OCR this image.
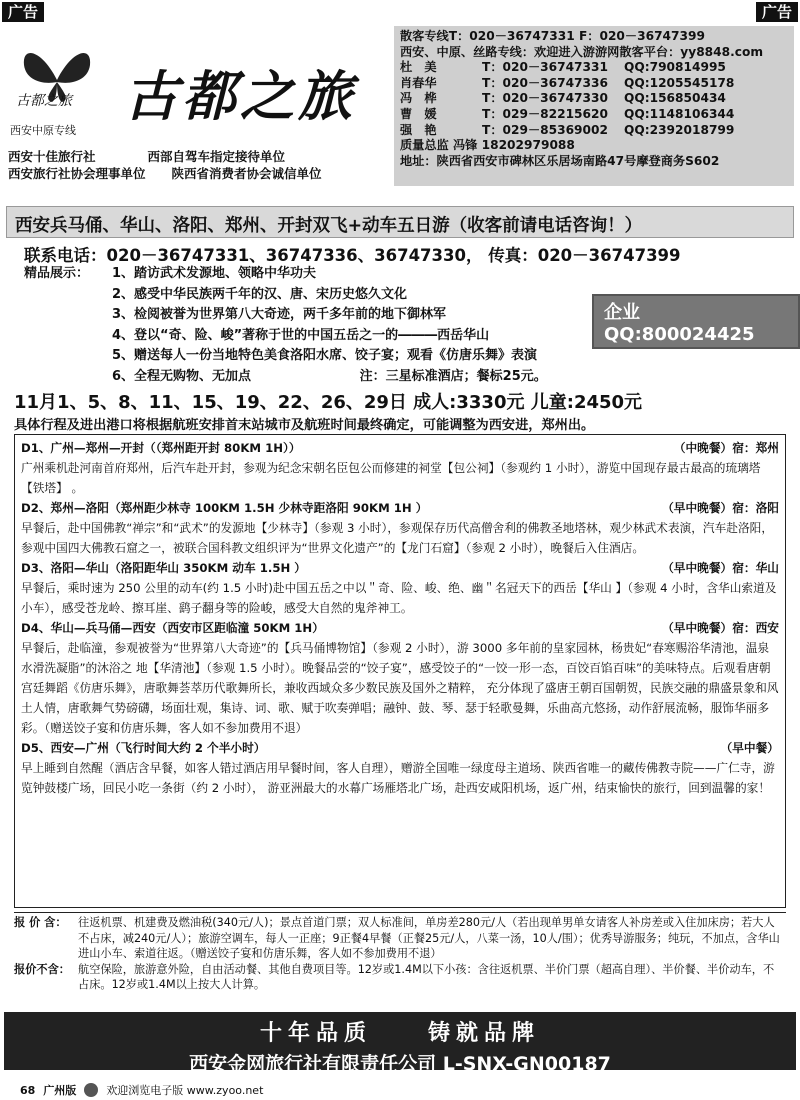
广告	广告
古都之旅 古都之旅
西安中原专线
西安十佳旅行社	西部自驾车指定接待单位
西安旅行社协会理事单位 陕西省消费者协会诚信单位
散客专线T：020－36747331 F：020－36747399
西安、中原、丝路专线：欢迎进入游游网散客平台：yy8848.com
杜　美	T：020－36747331	QQ:790814995
肖春华	T：020－36747336	QQ:1205545178
冯　桦	T：020－36747330	QQ:156850434
曹　媛	T：029－82215620	QQ:1148106344
强　艳	T：029－85369002	QQ:2392018799
质量总监 冯锋 18202979088
地址：陕西省西安市碑林区乐居场南路47号摩登商务S602
西安兵马俑、华山、洛阳、郑州、开封双飞+动车五日游（收客前请电话咨询！）
联系电话：020－36747331、36747336、36747330， 传真：020－36747399
精品展示：	1、踏访武术发源地、领略中华功夫
2、感受中华民族两千年的汉、唐、宋历史悠久文化
3、检阅被誉为世界第八大奇迹，两千多年前的地下御林军
4、登以“奇、险、峻”著称于世的中国五岳之一的―――西岳华山
5、赠送每人一份当地特色美食洛阳水席、饺子宴；观看《仿唐乐舞》表演
6、全程无购物、无加点                        注：三星标准酒店；餐标25元。
企业QQ:800024425
11月1、5、8、11、15、19、22、26、29日 成人:3330元 儿童:2450元
具体行程及进出港口将根据航班安排首末站城市及航班时间最终确定，可能调整为西安进，郑州出。
D1、广州—郑州—开封（（郑州距开封 80KM 1H））	（中晚餐）宿：郑州
广州乘机赴河南首府郑州，后汽车赴开封，参观为纪念宋朝名臣包公而修建的祠堂【包公祠】（参观约 1 小时），游览中国现存最古最高的琉璃塔【铁塔】 。
D2、郑州—洛阳（郑州距少林寺 100KM 1.5H 少林寺距洛阳 90KM 1H ）	（早中晚餐）宿：洛阳
早餐后，赴中国佛教“禅宗”和“武术”的发源地【少林寺】（参观 3 小时），参观保存历代高僧舍利的佛教圣地塔林，观少林武术表演，汽车赴洛阳，参观中国四大佛教石窟之一，被联合国科教文组织评为“世界文化遗产”的【龙门石窟】（参观 2 小时），晚餐后入住酒店。
D3、洛阳—华山（洛阳距华山 350KM 动车 1.5H ）	（早中晚餐）宿：华山
早餐后，乘时速为 250 公里的动车(约 1.5 小时)赴中国五岳之中以＂奇、险、峻、绝、幽＂名冠天下的西岳【华山 】（参观 4 小时，含华山索道及小车），感受苍龙岭、擦耳崖、鹞子翻身等的险峻，感受大自然的鬼斧神工。
D4、华山—兵马俑—西安（西安市区距临潼 50KM 1H）	（早中晚餐）宿：西安
早餐后，赴临潼，参观被誉为“世界第八大奇迹”的【兵马俑博物馆】（参观 2 小时），游 3000 多年前的皇家园林，杨贵妃“春寒赐浴华清池，温泉水滑洗凝脂”的沐浴之 地【华清池】（参观 1.5 小时）。晚餐品尝的“饺子宴”，感受饺子的“一饺一形一态，百饺百馅百味”的美味特点。后观看唐朝宫廷舞蹈《仿唐乐舞》，唐歌舞荟萃历代歌舞所长，兼收西域众多少数民族及国外之精粹， 充分体现了盛唐王朝百国朝贺，民族交融的鼎盛景象和风土人情，唐歌舞气势磅礴，场面壮观，集诗、词、歌、赋于吹奏弹唱；融钟、鼓、琴、瑟于轻歌曼舞，乐曲高亢悠扬，动作舒展流畅，服饰华丽多彩。（赠送饺子宴和仿唐乐舞，客人如不参加费用不退）
D5、西安—广州（飞行时间大约 2 个半小时）	（早中餐）
早上睡到自然醒（酒店含早餐，如客人错过酒店用早餐时间，客人自理），赠游全国唯一绿度母主道场、陕西省唯一的藏传佛教寺院——广仁寺，游览钟鼓楼广场，回民小吃一条街（约 2 小时）， 游亚洲最大的水幕广场雁塔北广场，赴西安咸阳机场，返广州，结束愉快的旅行，回到温馨的家！
十年品质　　铸就品牌
西安金网旅行社有限责任公司 L-SNX-GN00187
报 价 含： 往返机票、机建费及燃油税(340元/人)；景点首道门票；双人标准间，单房差280元/人（若出现单男单女请客人补房差或入住加床房；若大人不占床，减240元/人）；旅游空调车，每人一正座；9正餐4早餐（正餐25元/人，八菜一汤，10人/围）；优秀导游服务；纯玩，不加点，含华山进山小车、索道往返。（赠送饺子宴和仿唐乐舞，客人如不参加费用不退）
报价不含： 航空保险，旅游意外险，自由活动餐、其他自费项目等。12岁或1.4M以下小孩：含往返机票、半价门票（超高自理）、半价餐、半价动车，不占床。12岁或1.4M以上按大人计算。
68 广州版	欢迎浏览电子版 www.zyoo.net
